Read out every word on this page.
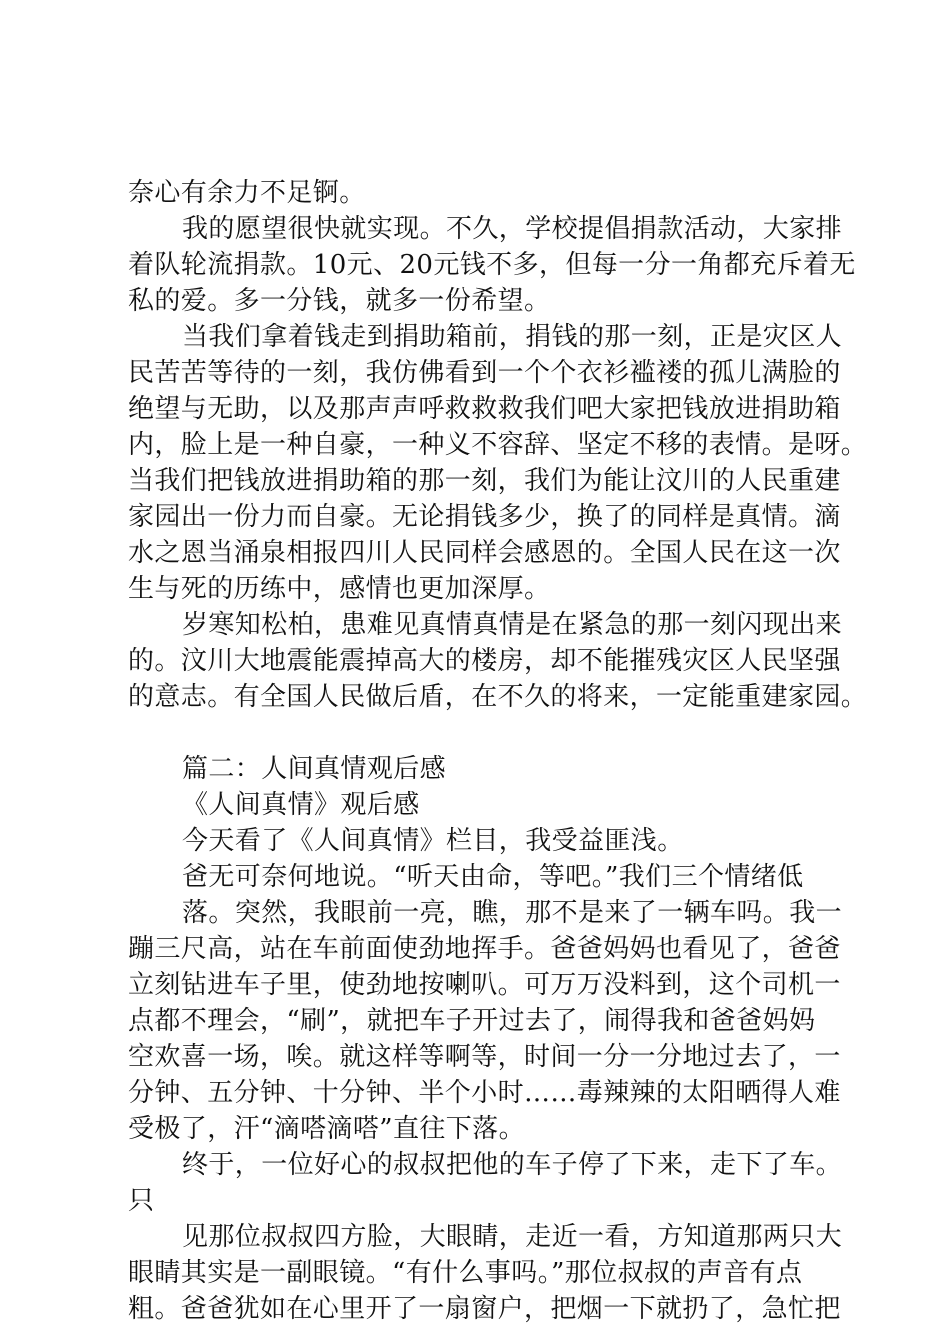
奈心有余力不足锕。
我的愿望很快就实现。不久，学校提倡捐款活动，大家排
着队轮流捐款。10元、20元钱不多，但每一分一角都充斥着无
私的爱。多一分钱，就多一份希望。
当我们拿着钱走到捐助箱前，捐钱的那一刻，正是灾区人
民苦苦等待的一刻，我仿佛看到一个个衣衫褴褛的孤儿满脸的
绝望与无助，以及那声声呼救救救我们吧大家把钱放进捐助箱
内，脸上是一种自豪，一种义不容辞、坚定不移的表情。是呀。
当我们把钱放进捐助箱的那一刻，我们为能让汶川的人民重建
家园出一份力而自豪。无论捐钱多少，换了的同样是真情。滴
水之恩当涌泉相报四川人民同样会感恩的。全国人民在这一次
生与死的历练中，感情也更加深厚。
岁寒知松柏，患难见真情真情是在紧急的那一刻闪现出来
的。汶川大地震能震掉高大的楼房，却不能摧残灾区人民坚强
的意志。有全国人民做后盾，在不久的将来，一定能重建家园。
篇二：人间真情观后感
《人间真情》观后感
今天看了《人间真情》栏目，我受益匪浅。
爸无可奈何地说。“听天由命，等吧。”我们三个情绪低
落。突然，我眼前一亮，瞧，那不是来了一辆车吗。我一
蹦三尺高，站在车前面使劲地挥手。爸爸妈妈也看见了，爸爸
立刻钻进车子里，使劲地按喇叭。可万万没料到，这个司机一
点都不理会，“刷”，就把车子开过去了，闹得我和爸爸妈妈
空欢喜一场，唉。就这样等啊等，时间一分一分地过去了，一
分钟、五分钟、十分钟、半个小时……毒辣辣的太阳晒得人难
受极了，汗“滴嗒滴嗒”直往下落。
终于，一位好心的叔叔把他的车子停了下来，走下了车。
只
见那位叔叔四方脸，大眼睛，走近一看，方知道那两只大
眼睛其实是一副眼镜。“有什么事吗。”那位叔叔的声音有点
粗。爸爸犹如在心里开了一扇窗户，把烟一下就扔了，急忙把
